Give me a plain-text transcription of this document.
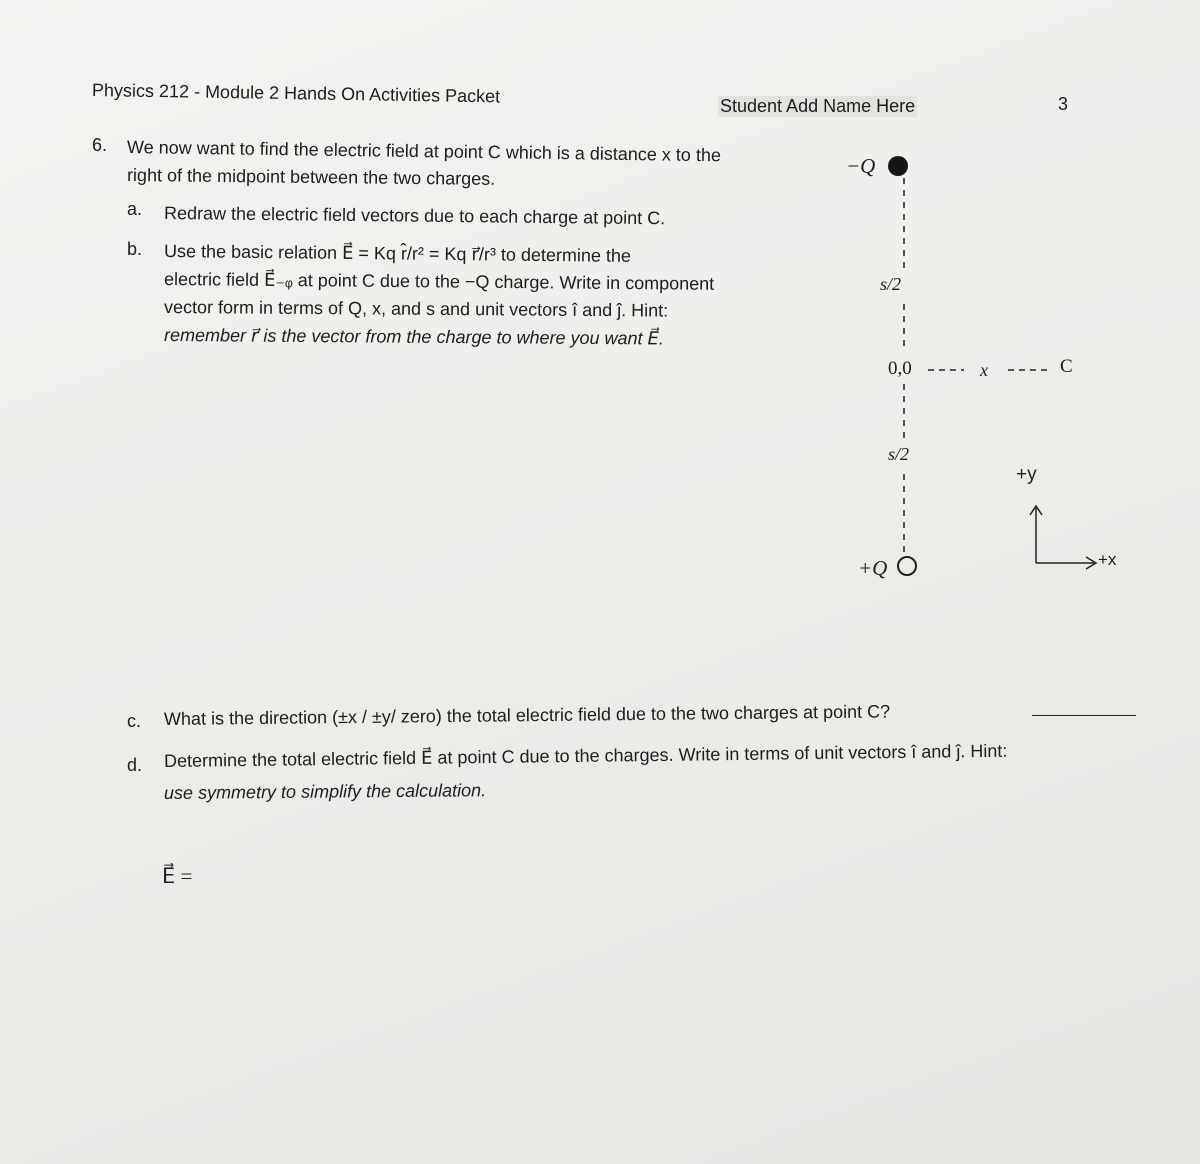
Physics 212 - Module 2 Hands On Activities Packet	Student Add Name Here	3
6. We now want to find the electric field at point C which is a distance x to the
right of the midpoint between the two charges.
a. Redraw the electric field vectors due to each charge at point C.
b. Use the basic relation E⃗ = Kq r̂/r² = Kq r⃗/r³ to determine the
electric field E⃗₋ᵩ at point C due to the −Q charge. Write in component
vector form in terms of Q, x, and s and unit vectors î and ĵ. Hint:
remember r⃗ is the vector from the charge to where you want E⃗.
−Q
s/2
0,0	x	C
s/2
+Q
+y
+x
c. What is the direction (±x / ±y/ zero) the total electric field due to the two charges at point C?
d. Determine the total electric field E⃗ at point C due to the charges. Write in terms of unit vectors î and ĵ. Hint:
use symmetry to simplify the calculation.
E⃗ =
